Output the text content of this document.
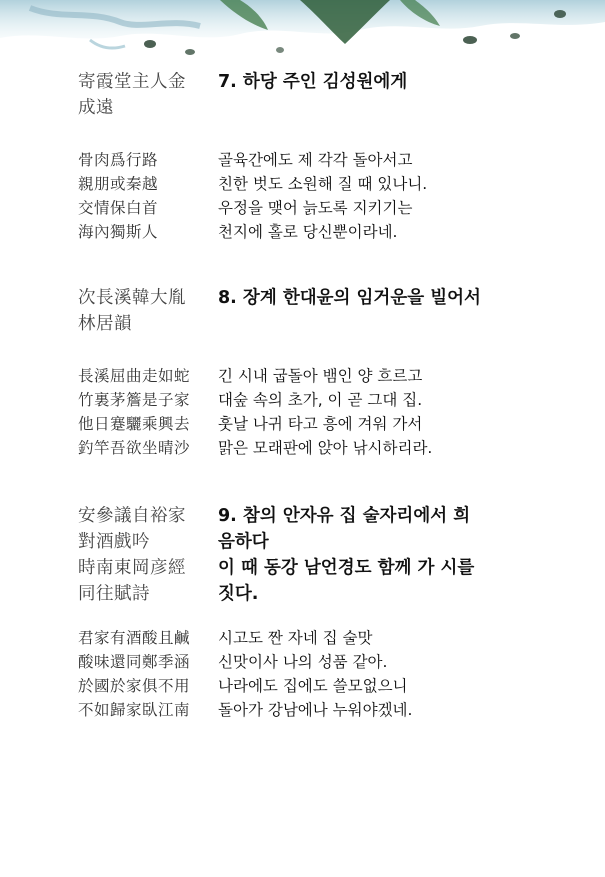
寄霞堂主人金	7. 하당 주인 김성원에게
成遠
骨肉爲行路	골육간에도 제 각각 돌아서고
親朋或秦越	친한 벗도 소원해 질 때 있나니.
交情保白首	우정을 맺어 늙도록 지키기는
海內獨斯人	천지에 홀로 당신뿐이라네.
次長溪韓大胤	8. 장계 한대윤의 임거운을 빌어서
林居韻
長溪屈曲走如蛇	긴 시내 굽돌아 뱀인 양 흐르고
竹裏茅簷是子家	대숲 속의 초가, 이 곧 그대 집.
他日蹇驪乘興去	훗날 나귀 타고 흥에 겨워 가서
釣竿吾欲坐晴沙	맑은 모래판에 앉아 낚시하리라.
安參議自裕家	9. 참의 안자유 집 술자리에서 희
對酒戲吟	음하다
時南東岡彦經	이 때 동강 남언경도 함께 가 시를
同往賦詩	짓다.
君家有酒酸且鹹	시고도 짠 자네 집 술맛
酸味還同鄭季涵	신맛이사 나의 성품 같아.
於國於家俱不用	나라에도 집에도 쓸모없으니
不如歸家臥江南	돌아가 강남에나 누워야겠네.
